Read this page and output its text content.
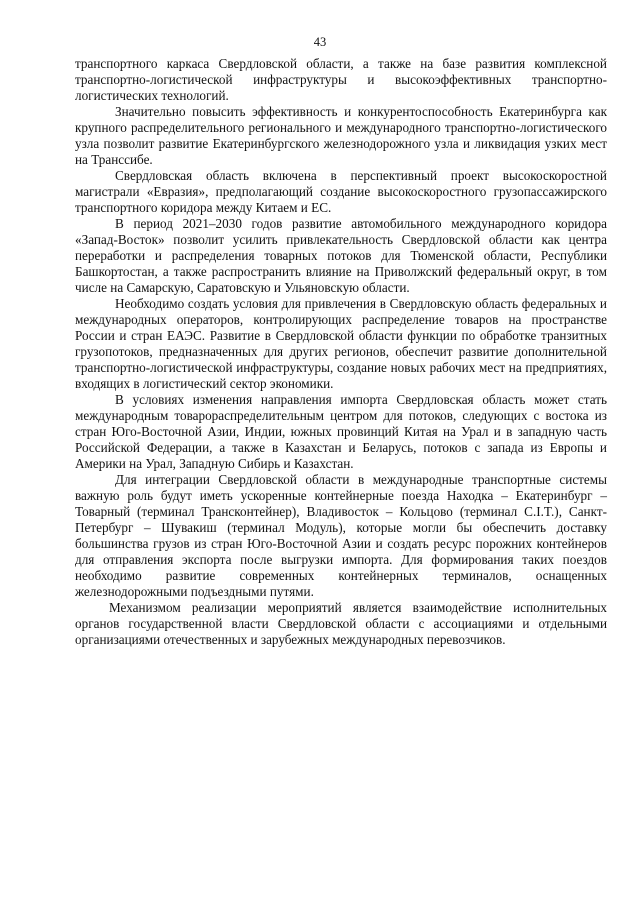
43

транспортного каркаса Свердловской области, а также на базе развития комплексной транспортно-логистической инфраструктуры и высокоэффективных транспортно-логистических технологий.

Значительно повысить эффективность и конкурентоспособность Екатеринбурга как крупного распределительного регионального и международного транспортно-логистического узла позволит развитие Екатеринбургского железнодорожного узла и ликвидация узких мест на Транссибе.

Свердловская область включена в перспективный проект высокоскоростной магистрали «Евразия», предполагающий создание высокоскоростного грузопассажирского транспортного коридора между Китаем и ЕС.

В период 2021–2030 годов развитие автомобильного международного коридора «Запад-Восток» позволит усилить привлекательность Свердловской области как центра переработки и распределения товарных потоков для Тюменской области, Республики Башкортостан, а также распространить влияние на Приволжский федеральный округ, в том числе на Самарскую, Саратовскую и Ульяновскую области.

Необходимо создать условия для привлечения в Свердловскую область федеральных и международных операторов, контролирующих распределение товаров на пространстве России и стран ЕАЭС. Развитие в Свердловской области функции по обработке транзитных грузопотоков, предназначенных для других регионов, обеспечит развитие дополнительной транспортно-логистической инфраструктуры, создание новых рабочих мест на предприятиях, входящих в логистический сектор экономики.

В условиях изменения направления импорта Свердловская область может стать международным товарораспределительным центром для потоков, следующих с востока из стран Юго-Восточной Азии, Индии, южных провинций Китая на Урал и в западную часть Российской Федерации, а также в Казахстан и Беларусь, потоков с запада из Европы и Америки на Урал, Западную Сибирь и Казахстан.

Для интеграции Свердловской области в международные транспортные системы важную роль будут иметь ускоренные контейнерные поезда Находка – Екатеринбург – Товарный (терминал Трансконтейнер), Владивосток – Кольцово (терминал C.I.T.), Санкт-Петербург – Шувакиш (терминал Модуль), которые могли бы обеспечить доставку большинства грузов из стран Юго-Восточной Азии и создать ресурс порожних контейнеров для отправления экспорта после выгрузки импорта. Для формирования таких поездов необходимо развитие современных контейнерных терминалов, оснащенных железнодорожными подъездными путями.

Механизмом реализации мероприятий является взаимодействие исполнительных органов государственной власти Свердловской области с ассоциациями и отдельными организациями отечественных и зарубежных международных перевозчиков.
